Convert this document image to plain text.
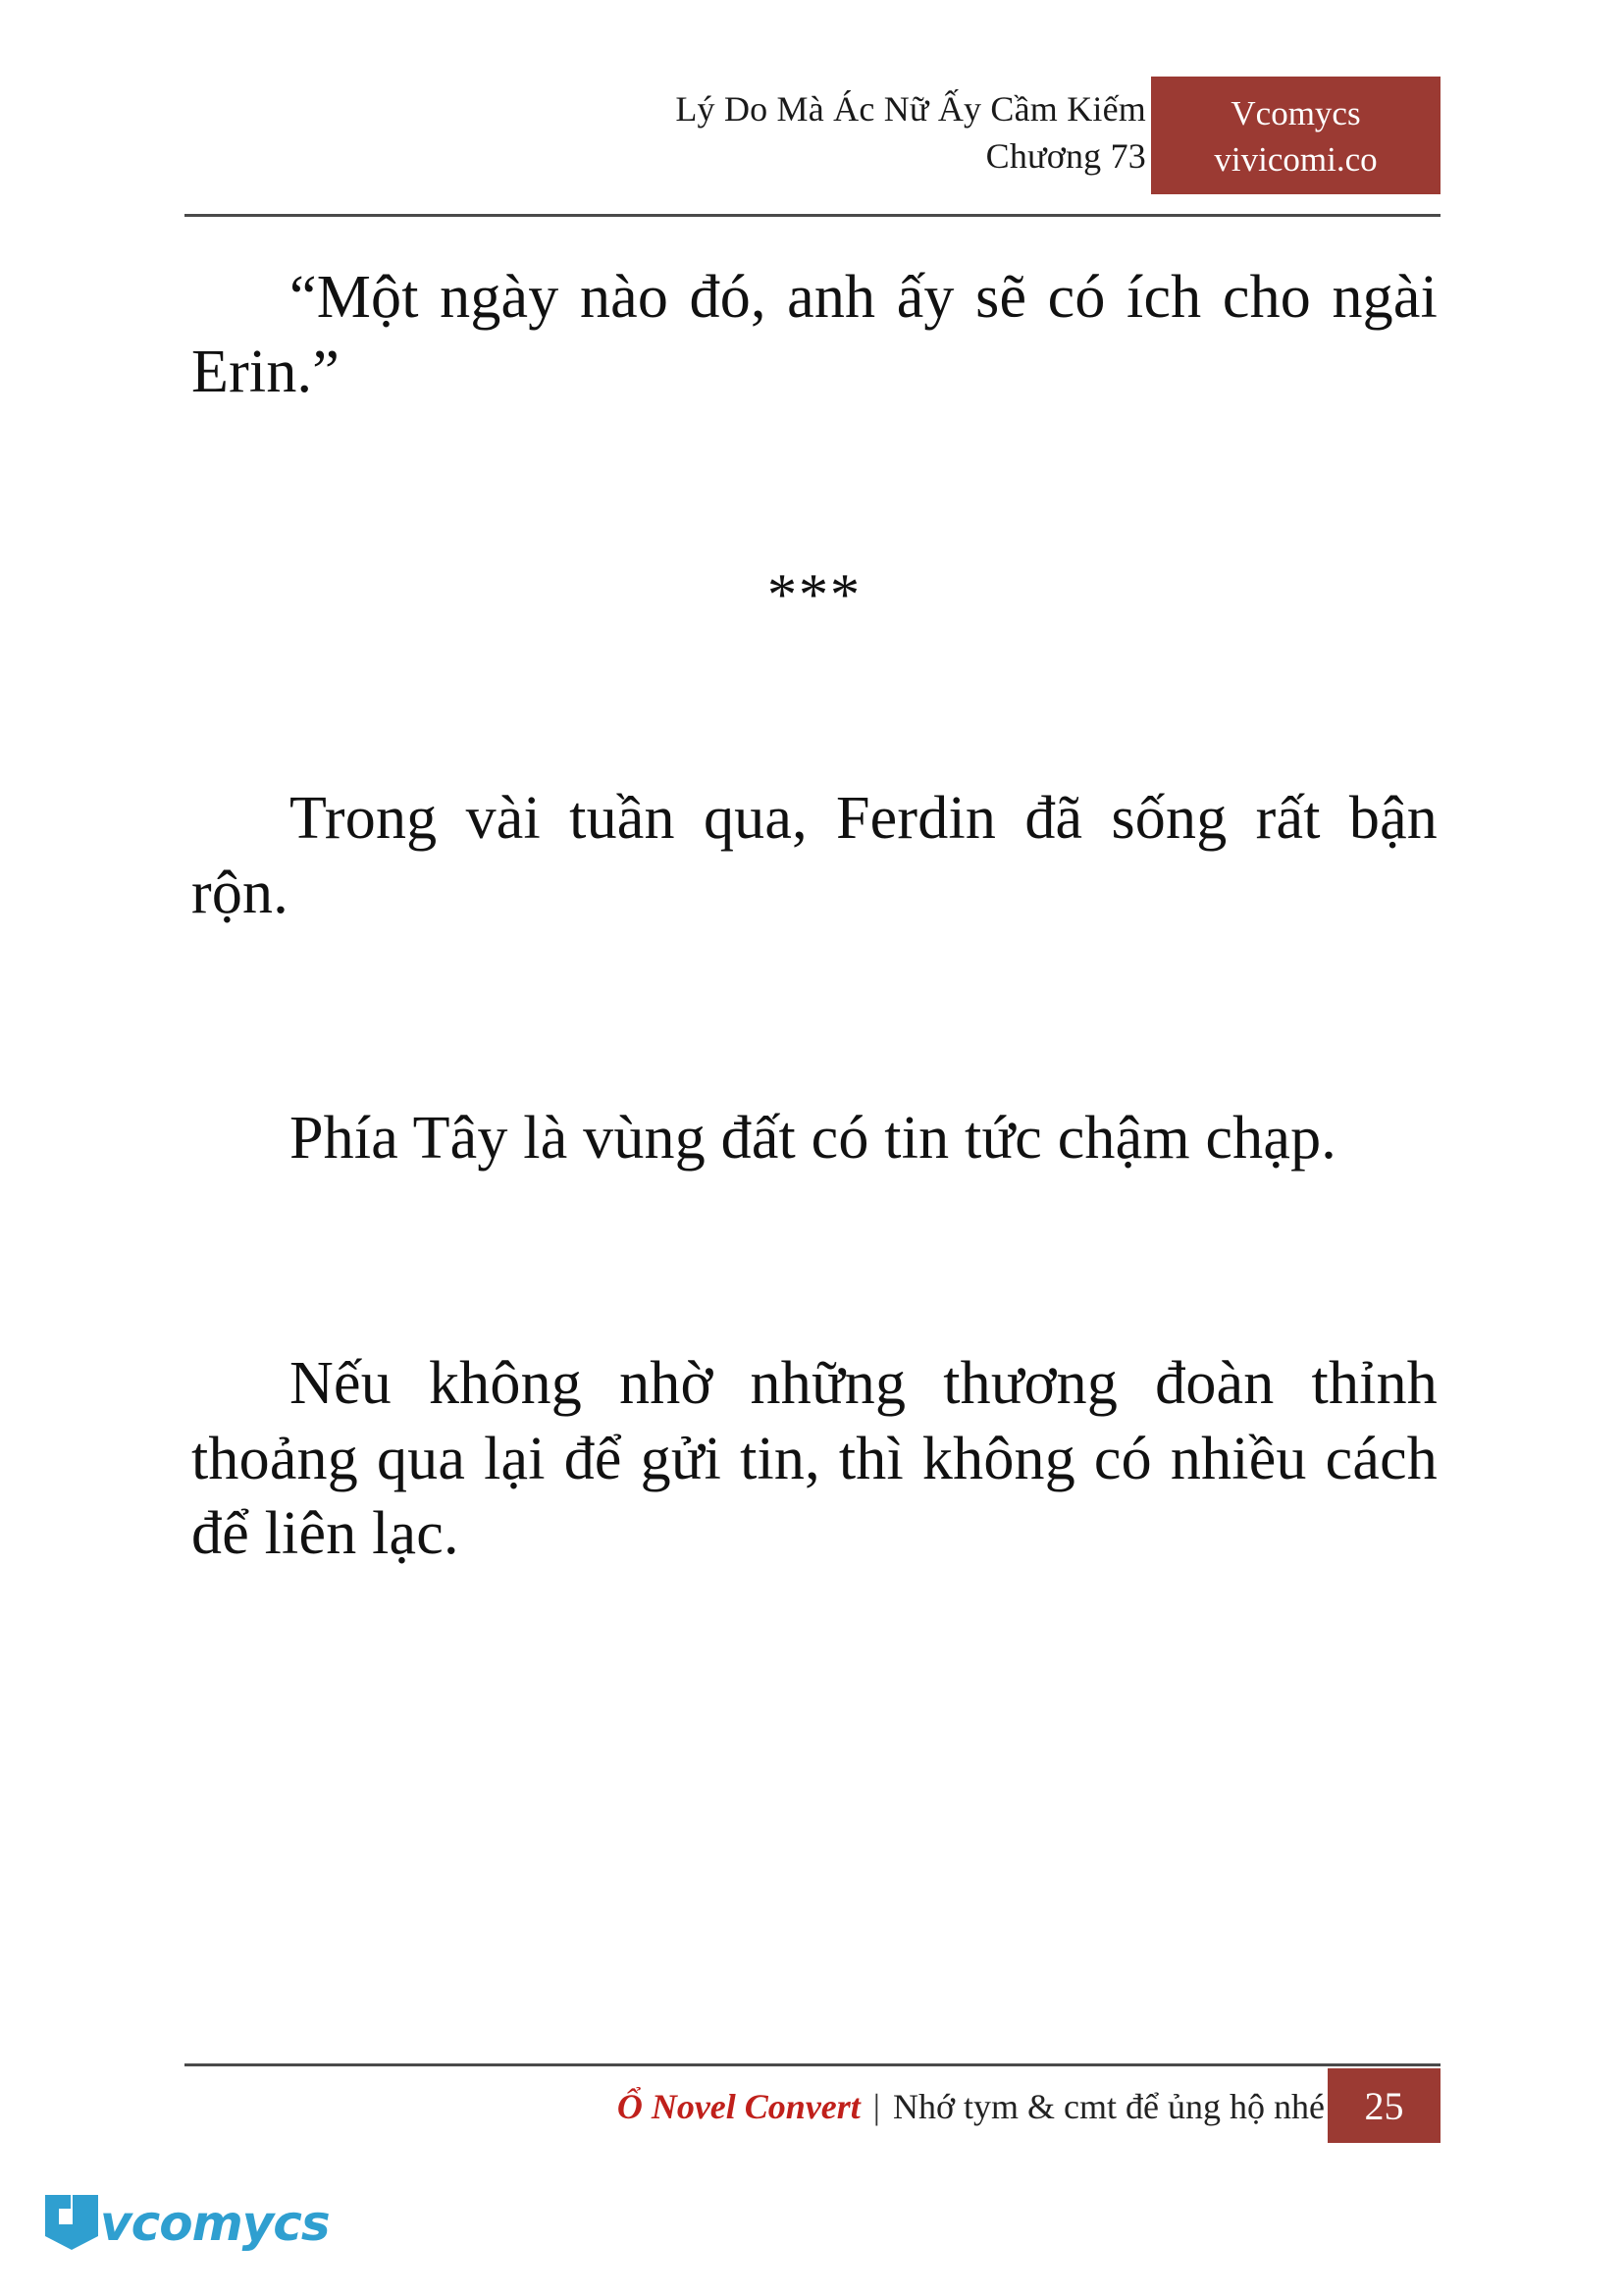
Lý Do Mà Ác Nữ Ấy Cầm Kiếm
Chương 73
Vcomycs
vivicomi.co

“Một ngày nào đó, anh ấy sẽ có ích cho ngài Erin.”

***

Trong vài tuần qua, Ferdin đã sống rất bận rộn.

Phía Tây là vùng đất có tin tức chậm chạp.

Nếu không nhờ những thương đoàn thỉnh thoảng qua lại để gửi tin, thì không có nhiều cách để liên lạc.

Ổ Novel Convert | Nhớ tym & cmt để ủng hộ nhé	25
vcomycs
